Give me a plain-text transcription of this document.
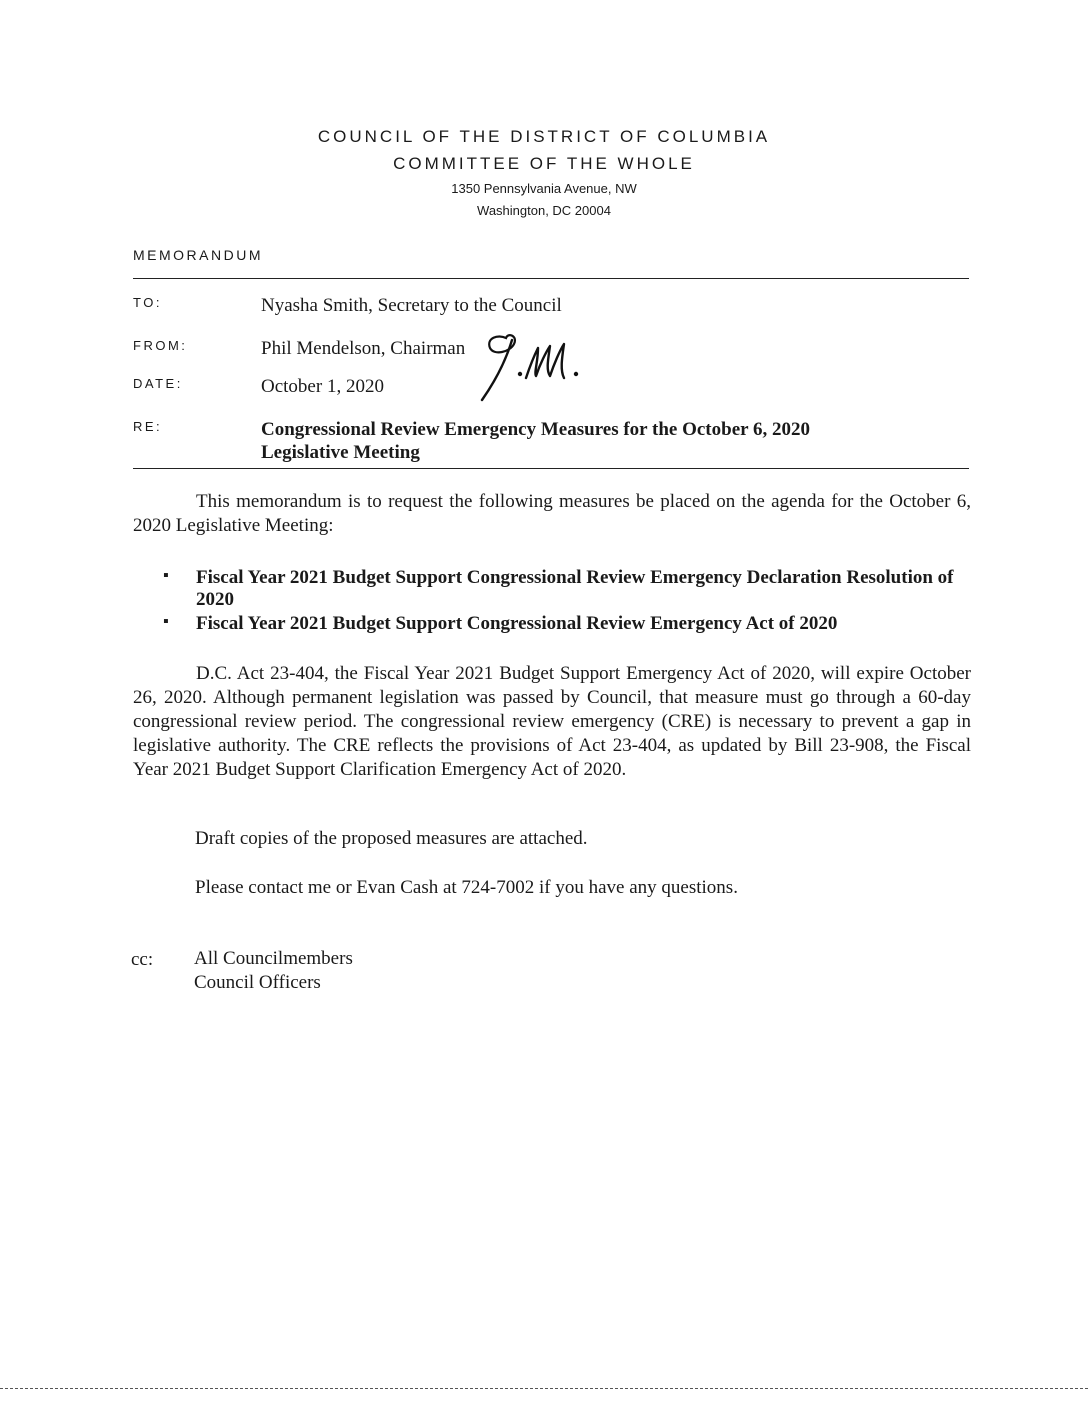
COUNCIL OF THE DISTRICT OF COLUMBIA
COMMITTEE OF THE WHOLE
1350 Pennsylvania Avenue, NW
Washington, DC 20004
MEMORANDUM
TO:	Nyasha Smith, Secretary to the Council
FROM:	Phil Mendelson, Chairman
DATE:	October 1, 2020
RE:	Congressional Review Emergency Measures for the October 6, 2020
Legislative Meeting
This memorandum is to request the following measures be placed on the agenda for the October 6, 2020 Legislative Meeting:
▪ Fiscal Year 2021 Budget Support Congressional Review Emergency Declaration Resolution of 2020
▪ Fiscal Year 2021 Budget Support Congressional Review Emergency Act of 2020
D.C. Act 23-404, the Fiscal Year 2021 Budget Support Emergency Act of 2020, will expire October 26, 2020. Although permanent legislation was passed by Council, that measure must go through a 60-day congressional review period. The congressional review emergency (CRE) is necessary to prevent a gap in legislative authority. The CRE reflects the provisions of Act 23-404, as updated by Bill 23-908, the Fiscal Year 2021 Budget Support Clarification Emergency Act of 2020.
Draft copies of the proposed measures are attached.
Please contact me or Evan Cash at 724-7002 if you have any questions.
cc: All Councilmembers
Council Officers
